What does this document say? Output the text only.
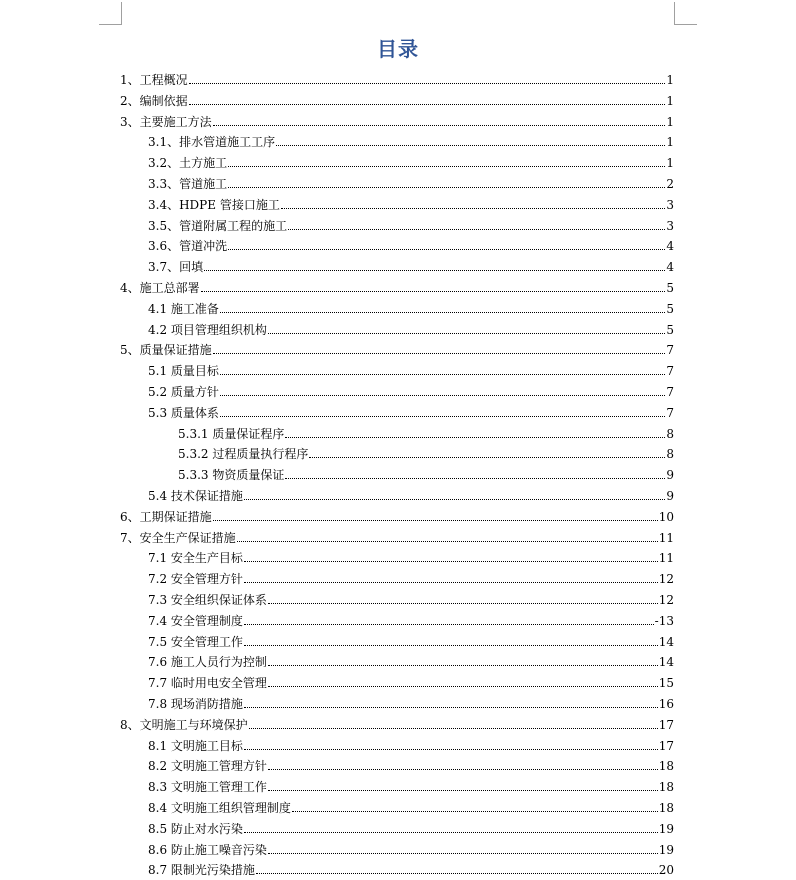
目录
1、工程概况	1
2、编制依据	1
3、主要施工方法	1
3.1、排水管道施工工序	1
3.2、土方施工	1
3.3、管道施工	2
3.4、HDPE 管接口施工	3
3.5、管道附属工程的施工	3
3.6、管道冲洗	4
3.7、回填	4
4、施工总部署	5
4.1 施工准备	5
4.2 项目管理组织机构	5
5、质量保证措施	7
5.1 质量目标	7
5.2 质量方针	7
5.3 质量体系	7
5.3.1 质量保证程序	8
5.3.2 过程质量执行程序	8
5.3.3 物资质量保证	9
5.4 技术保证措施	9
6、工期保证措施	10
7、安全生产保证措施	11
7.1 安全生产目标	11
7.2 安全管理方针	12
7.3 安全组织保证体系	12
7.4 安全管理制度	-13
7.5 安全管理工作	14
7.6 施工人员行为控制	14
7.7 临时用电安全管理	15
7.8 现场消防措施	16
8、文明施工与环境保护	17
8.1 文明施工目标	17
8.2 文明施工管理方针	18
8.3 文明施工管理工作	18
8.4 文明施工组织管理制度	18
8.5 防止对水污染	19
8.6 防止施工噪音污染	19
8.7 限制光污染措施	20
